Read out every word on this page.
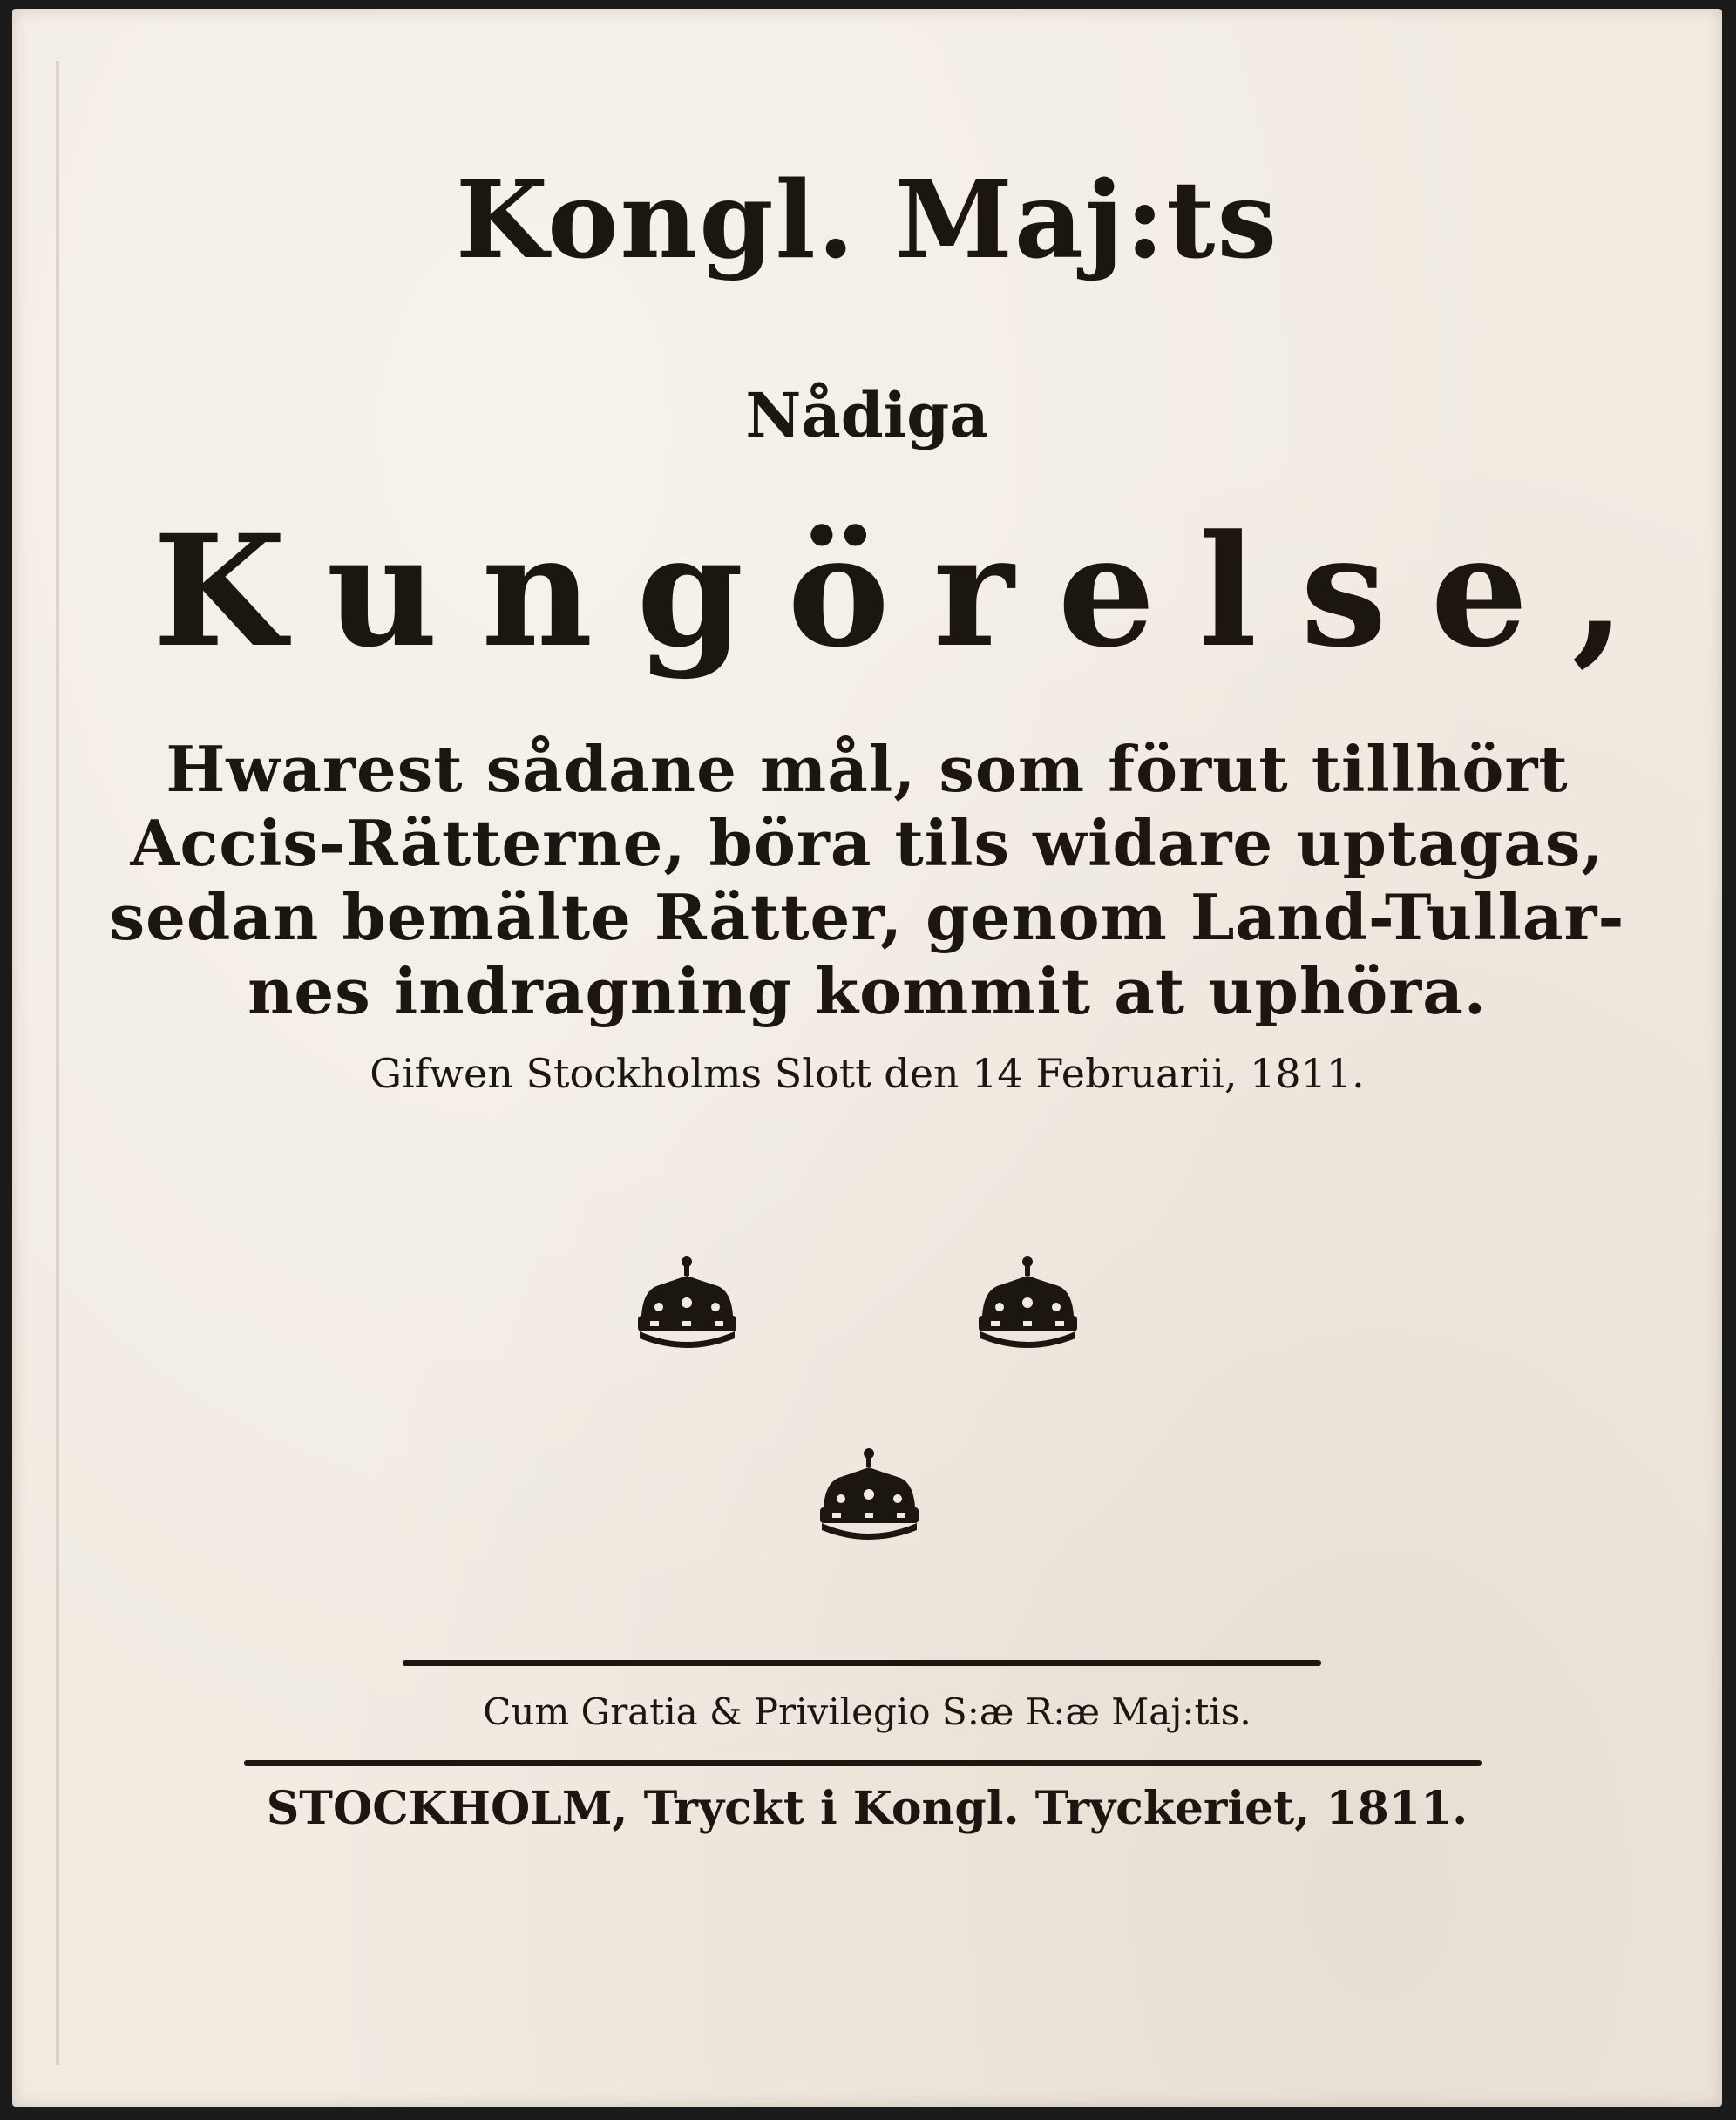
Kongl. Maj:ts
Nådiga
Kungörelse,
Hwarest sådane mål, som förut tillhört
Accis-Rätterne, böra tils widare uptagas,
sedan bemälte Rätter, genom Land-Tullar-
nes indragning kommit at uphöra.
Gifwen Stockholms Slott den 14 Februarii, 1811.
Cum Gratia & Privilegio S:æ R:æ Maj:tis.
STOCKHOLM, Tryckt i Kongl. Tryckeriet, 1811.
